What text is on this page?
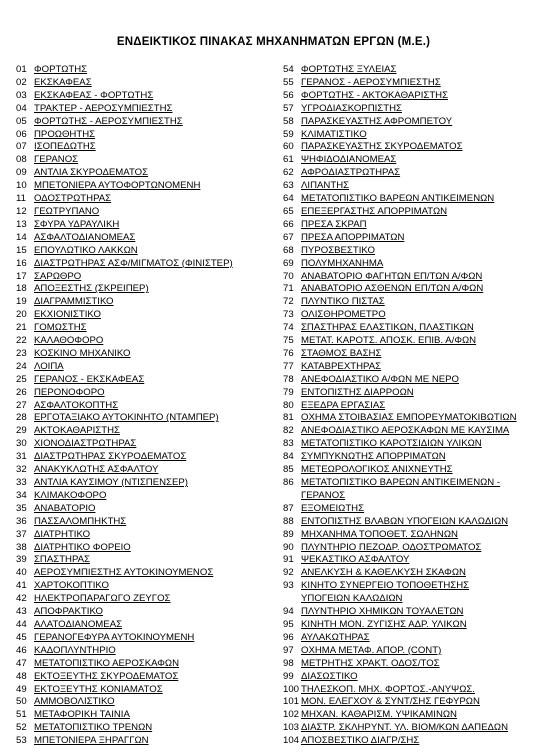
ΕΝΔΕΙΚΤΙΚΟΣ ΠΙΝΑΚΑΣ ΜΗΧΑΝΗΜΑΤΩΝ ΕΡΓΩΝ (Μ.Ε.)
01 ΦΟΡΤΩΤΗΣ
02 ΕΚΣΚΑΦΕΑΣ
03 ΕΚΣΚΑΦΕΑΣ - ΦΟΡΤΩΤΗΣ
04 ΤΡΑΚΤΕΡ - ΑΕΡΟΣΥΜΠΙΕΣΤΗΣ
05 ΦΟΡΤΩΤΗΣ - ΑΕΡΟΣΥΜΠΙΕΣΤΗΣ
06 ΠΡΟΩΘΗΤΗΣ
07 ΙΣΟΠΕΔΩΤΗΣ
08 ΓΕΡΑΝΟΣ
09 ΑΝΤΛΙΑ ΣΚΥΡΟΔΕΜΑΤΟΣ
10 ΜΠΕΤΟΝΙΕΡΑ ΑΥΤΟΦΟΡΤΩΝΟΜΕΝΗ
11 ΟΔΟΣΤΡΩΤΗΡΑΣ
12 ΓΕΩΤΡΥΠΑΝΟ
13 ΣΦΥΡΑ ΥΔΡΑΥΛΙΚΗ
14 ΑΣΦΑΛΤΟΔΙΑΝΟΜΕΑΣ
15 ΕΠΟΥΛΩΤΙΚΟ ΛΑΚΚΩΝ
16 ΔΙΑΣΤΡΩΤΗΡΑΣ ΑΣΦ/ΜΙΓΜΑΤΟΣ (ΦΙΝΙΣΤΕΡ)
17 ΣΑΡΩΘΡΟ
18 ΑΠΟΞΕΣΤΗΣ (ΣΚΡΕΙΠΕΡ)
19 ΔΙΑΓΡΑΜΜΙΣΤΙΚΟ
20 ΕΚΧΙΟΝΙΣΤΙΚΟ
21 ΓΟΜΩΣΤΗΣ
22 ΚΑΛΑΘΟΦΟΡΟ
23 ΚΟΣΚΙΝΟ ΜΗΧΑΝΙΚΟ
24 ΛΟΙΠΑ
25 ΓΕΡΑΝΟΣ - ΕΚΣΚΑΦΕΑΣ
26 ΠΕΡΟΝΟΦΟΡΟ
27 ΑΣΦΑΛΤΟΚΟΠΤΗΣ
28 ΕΡΓΟΤΑΞΙΑΚΟ ΑΥΤΟΚΙΝΗΤΟ (ΝΤΑΜΠΕΡ)
29 ΑΚΤΟΚΑΘΑΡΙΣΤΗΣ
30 ΧΙΟΝΟΔΙΑΣΤΡΩΤΗΡΑΣ
31 ΔΙΑΣΤΡΩΤΗΡΑΣ ΣΚΥΡΟΔΕΜΑΤΟΣ
32 ΑΝΑΚΥΚΛΩΤΗΣ ΑΣΦΑΛΤΟΥ
33 ΑΝΤΛΙΑ ΚΑΥΣΙΜΟΥ (ΝΤΙΣΠΕΝΣΕΡ)
34 ΚΛΙΜΑΚΟΦΟΡΟ
35 ΑΝΑΒΑΤΟΡΙΟ
36 ΠΑΣΣΑΛΟΜΠΗΚΤΗΣ
37 ΔΙΑΤΡΗΤΙΚΟ
38 ΔΙΑΤΡΗΤΙΚΟ ΦΟΡΕΙΟ
39 ΣΠΑΣΤΗΡΑΣ
40 ΑΕΡΟΣΥΜΠΙΕΣΤΗΣ ΑΥΤΟΚΙΝΟΥΜΕΝΟΣ
41 ΧΑΡΤΟΚΟΠΤΙΚΟ
42 ΗΛΕΚΤΡΟΠΑΡΑΓΩΓΟ ΖΕΥΓΟΣ
43 ΑΠΟΦΡΑΚΤΙΚΟ
44 ΑΛΑΤΟΔΙΑΝΟΜΕΑΣ
45 ΓΕΡΑΝΟΓΕΦΥΡΑ ΑΥΤΟΚΙΝΟΥΜΕΝΗ
46 ΚΑΔΟΠΛΥΝΤΗΡΙΟ
47 ΜΕΤΑΤΟΠΙΣΤΙΚΟ ΑΕΡΟΣΚΑΦΩΝ
48 ΕΚΤΟΞΕΥΤΗΣ ΣΚΥΡΟΔΕΜΑΤΟΣ
49 ΕΚΤΟΞΕΥΤΗΣ ΚΟΝΙΑΜΑΤΟΣ
50 ΑΜΜΟΒΟΛΙΣΤΙΚΟ
51 ΜΕΤΑΦΟΡΙΚΗ ΤΑΙΝΙΑ
52 ΜΕΤΑΤΟΠΙΣΤΙΚΟ ΤΡΕΝΩΝ
53 ΜΠΕΤΟΝΙΕΡΑ ΞΗΡΑΓΓΩΝ
54 ΦΟΡΤΩΤΗΣ ΞΥΛΕΙΑΣ
55 ΓΕΡΑΝΟΣ - ΑΕΡΟΣΥΜΠΙΕΣΤΗΣ
56 ΦΟΡΤΩΤΗΣ - ΑΚΤΟΚΑΘΑΡΙΣΤΗΣ
57 ΥΓΡΟΔΙΑΣΚΟΡΠΙΣΤΗΣ
58 ΠΑΡΑΣΚΕΥΑΣΤΗΣ ΑΦΡΟΜΠΕΤΟΥ
59 ΚΛΙΜΑΤΙΣΤΙΚΟ
60 ΠΑΡΑΣΚΕΥΑΣΤΗΣ ΣΚΥΡΟΔΕΜΑΤΟΣ
61 ΨΗΦΙΔΟΔΙΑΝΟΜΕΑΣ
62 ΑΦΡΟΔΙΑΣΤΡΩΤΗΡΑΣ
63 ΛΙΠΑΝΤΗΣ
64 ΜΕΤΑΤΟΠΙΣΤΙΚΟ ΒΑΡΕΩΝ ΑΝΤΙΚΕΙΜΕΝΩΝ
65 ΕΠΕΞΕΡΓΑΣΤΗΣ ΑΠΟΡΡΙΜΑΤΩΝ
66 ΠΡΕΣΑ ΣΚΡΑΠ
67 ΠΡΕΣΑ ΑΠΟΡΡΙΜΑΤΩΝ
68 ΠΥΡΟΣΒΕΣΤΙΚΟ
69 ΠΟΛΥΜΗΧΑΝΗΜΑ
70 ΑΝΑΒΑΤΟΡΙΟ ΦΑΓΗΤΩΝ ΕΠ/ΤΩΝ Α/ΦΩΝ
71 ΑΝΑΒΑΤΟΡΙΟ ΑΣΘΕΝΩΝ ΕΠ/ΤΩΝ Α/ΦΩΝ
72 ΠΛΥΝΤΙΚΟ ΠΙΣΤΑΣ
73 ΟΛΙΣΘΗΡΟΜΕΤΡΟ
74 ΣΠΑΣΤΗΡΑΣ ΕΛΑΣΤΙΚΩΝ, ΠΛΑΣΤΙΚΩΝ
75 ΜΕΤΑΤ. ΚΑΡΟΤΣ. ΑΠΟΣΚ. ΕΠΙΒ. Α/ΦΩΝ
76 ΣΤΑΘΜΟΣ ΒΑΣΗΣ
77 ΚΑΤΑΒΡΕΧΤΗΡΑΣ
78 ΑΝΕΦΟΔΙΑΣΤΙΚΟ Α/ΦΩΝ ΜΕ ΝΕΡΟ
79 ΕΝΤΟΠΙΣΤΗΣ ΔΙΑΡΡΟΩΝ
80 ΕΞΕΔΡΑ ΕΡΓΑΣΙΑΣ
81 ΟΧΗΜΑ ΣΤΟΙΒΑΣΙΑΣ ΕΜΠΟΡΕΥΜΑΤΟΚΙΒΩΤΙΩΝ
82 ΑΝΕΦΟΔΙΑΣΤΙΚΟ ΑΕΡΟΣΚΑΦΩΝ ΜΕ ΚΑΥΣΙΜΑ
83 ΜΕΤΑΤΟΠΙΣΤΙΚΟ ΚΑΡΟΤΣΙΔΙΩΝ ΥΛΙΚΩΝ
84 ΣΥΜΠΥΚΝΩΤΗΣ ΑΠΟΡΡΙΜΑΤΩΝ
85 ΜΕΤΕΩΡΟΛΟΓΙΚΟΣ ΑΝΙΧΝΕΥΤΗΣ
86 ΜΕΤΑΤΟΠΙΣΤΙΚΟ ΒΑΡΕΩΝ ΑΝΤΙΚΕΙΜΕΝΩΝ -
ΓΕΡΑΝΟΣ
87 ΕΞΟΜΕΙΩΤΗΣ
88 ΕΝΤΟΠΙΣΤΗΣ ΒΛΑΒΩΝ ΥΠΟΓΕΙΩΝ ΚΑΛΩΔΙΩΝ
89 ΜΗΧΑΝΗΜΑ ΤΟΠΟΘΕΤ. ΣΩΛΗΝΩΝ
90 ΠΛΥΝΤΗΡΙΟ ΠΕΖΟΔΡ. ΟΔΟΣΤΡΩΜΑΤΟΣ
91 ΨΕΚΑΣΤΙΚΟ ΑΣΦΑΛΤΟΥ
92 ΑΝΕΛΚΥΣΗ & ΚΑΘΕΛΚΥΣΗ ΣΚΑΦΩΝ
93 ΚΙΝΗΤΟ ΣΥΝΕΡΓΕΙΟ ΤΟΠΟΘΕΤΗΣΗΣ
ΥΠΟΓΕΙΩΝ ΚΑΛΩΔΙΩΝ
94 ΠΛΥΝΤΗΡΙΟ ΧΗΜΙΚΩΝ ΤΟΥΑΛΕΤΩΝ
95 ΚΙΝΗΤΗ ΜΟΝ. ΖΥΓΙΣΗΣ ΑΔΡ. ΥΛΙΚΩΝ
96 ΑΥΛΑΚΩΤΗΡΑΣ
97 ΟΧΗΜΑ ΜΕΤΑΦ. ΑΠΟΡ. (CONT)
98 ΜΕΤΡΗΤΗΣ ΧΡΑΚΤ. ΟΔΟΣ/ΤΟΣ
99 ΔΙΑΣΩΣΤΙΚΟ
100 ΤΗΛΕΣΚΟΠ. ΜΗΧ. ΦΟΡΤΟΣ.-ΑΝΥΨΩΣ.
101 ΜΟΝ. ΕΛΕΓΧΟΥ & ΣΥΝΤ/ΣΗΣ ΓΕΦΥΡΩΝ
102 ΜΗΧΑΝ. ΚΑΘΑΡΙΣΜ. ΥΨΙΚΑΜΙΝΩΝ
103 ΔΙΑΣΤΡ. ΣΚΛΗΡΥΝΤ. ΥΛ. ΒΙΟΜ/ΚΩΝ ΔΑΠΕΔΩΝ
104 ΑΠΟΣΒΕΣΤΙΚΟ ΔΙΑΓΡ/ΣΗΣ
